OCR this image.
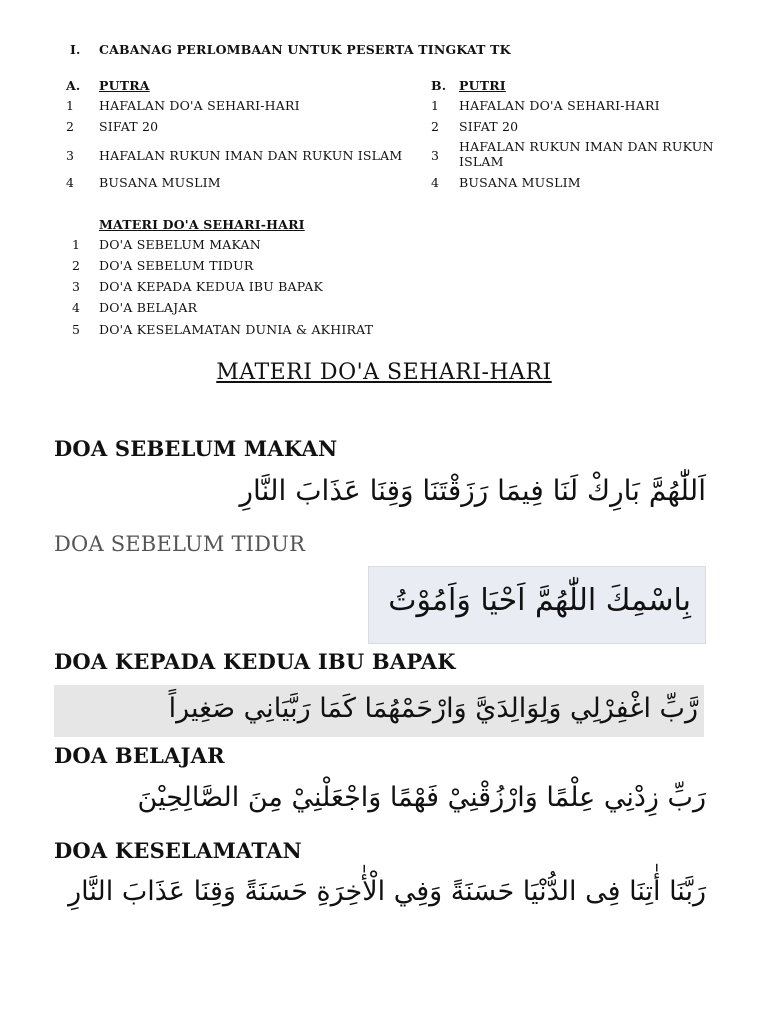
I. CABANAG PERLOMBAAN UNTUK PESERTA TINGKAT TK
A. PUTRA
1 HAFALAN DO'A SEHARI-HARI
2 SIFAT 20
3 HAFALAN RUKUN IMAN DAN RUKUN ISLAM
4 BUSANA MUSLIM
B. PUTRI
1 HAFALAN DO'A SEHARI-HARI
2 SIFAT 20
3
HAFALAN RUKUN IMAN DAN RUKUN
ISLAM
4 BUSANA MUSLIM
MATERI DO'A SEHARI-HARI
1 DO'A SEBELUM MAKAN
2 DO'A SEBELUM TIDUR
3 DO'A KEPADA KEDUA IBU BAPAK
4 DO'A BELAJAR
5 DO'A KESELAMATAN DUNIA & AKHIRAT
MATERI DO'A SEHARI-HARI
DOA SEBELUM MAKAN
اَللّٰهُمَّ بَارِكْ لَنَا فِيمَا رَزَقْتَنَا وَقِنَا عَذَابَ النَّارِ
DOA SEBELUM TIDUR
بِاسْمِكَ اللّٰهُمَّ اَحْيَا وَاَمُوْتُ
DOA KEPADA KEDUA IBU BAPAK
رَّبِّ اغْفِرْلِي وَلِوَالِدَيَّ وَارْحَمْهُمَا كَمَا رَبَّيَانِي صَغِيراً
DOA BELAJAR
رَبِّ زِدْنِي عِلْمًا وَارْزُقْنِيْ فَهْمًا وَاجْعَلْنِيْ مِنَ الصَّالِحِيْنَ
DOA KESELAMATAN
رَبَّنَا أٰتِنَا فِى الدُّنْيَا حَسَنَةً وَفِي الْأٰخِرَةِ حَسَنَةً وَقِنَا عَذَابَ النَّارِ
